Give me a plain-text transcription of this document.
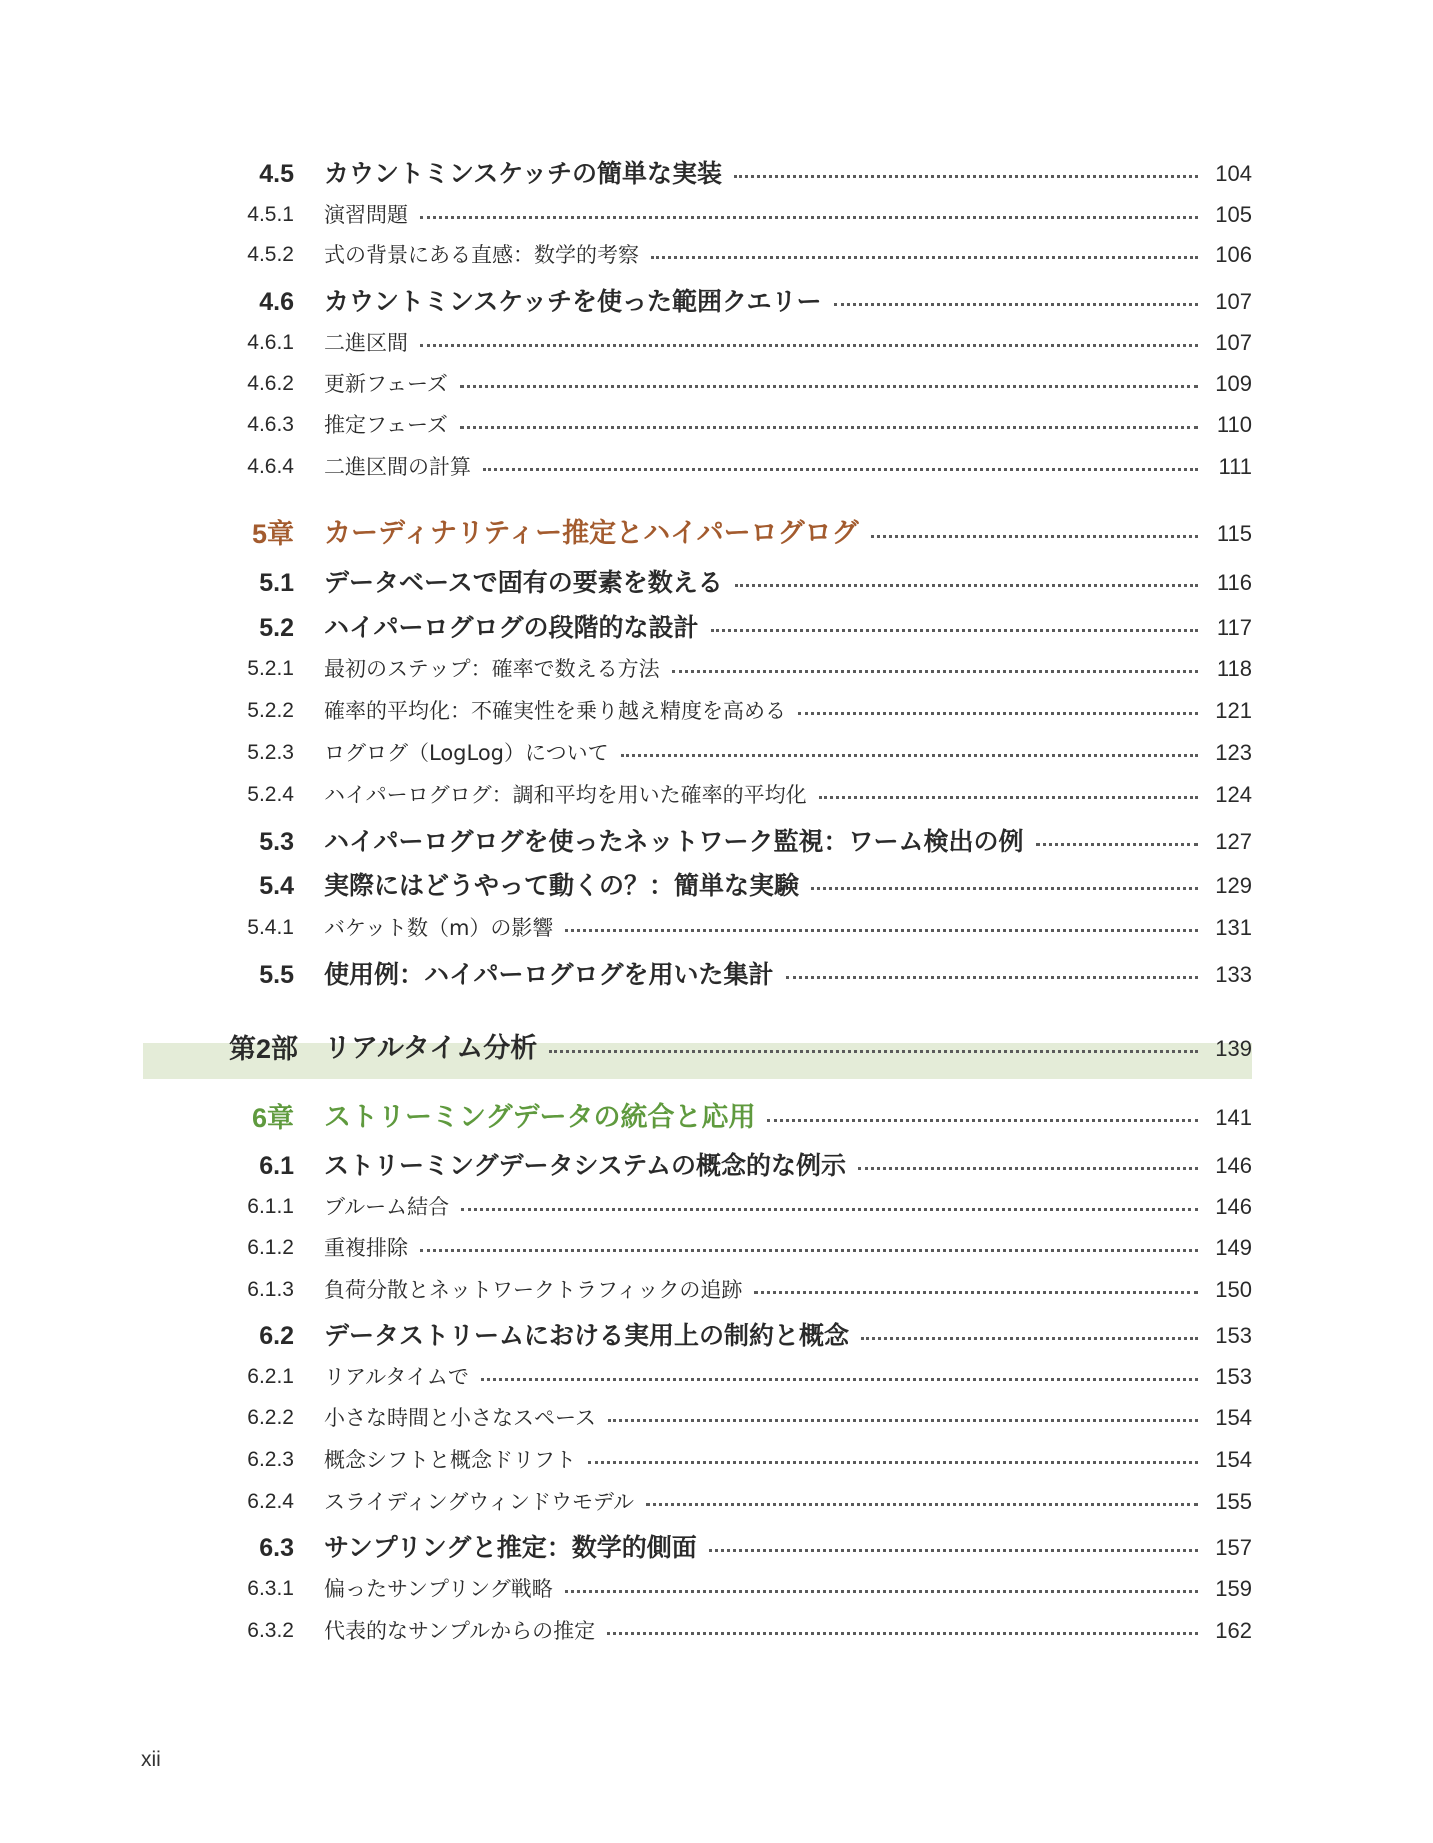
4.5 カウントミンスケッチの簡単な実装	104
4.5.1 演習問題	105
4.5.2 式の背景にある直感：数学的考察	106
4.6 カウントミンスケッチを使った範囲クエリー	107
4.6.1 二進区間	107
4.6.2 更新フェーズ	109
4.6.3 推定フェーズ	110
4.6.4 二進区間の計算	111
5章 カーディナリティー推定とハイパーログログ	115
5.1 データベースで固有の要素を数える	116
5.2 ハイパーログログの段階的な設計	117
5.2.1 最初のステップ：確率で数える方法	118
5.2.2 確率的平均化：不確実性を乗り越え精度を高める	121
5.2.3 ログログ（LogLog）について	123
5.2.4 ハイパーログログ：調和平均を用いた確率的平均化	124
5.3 ハイパーログログを使ったネットワーク監視：ワーム検出の例	127
5.4 実際にはどうやって動くの？：簡単な実験	129
5.4.1 バケット数（m）の影響	131
5.5 使用例：ハイパーログログを用いた集計	133
第2部 リアルタイム分析	139
6章 ストリーミングデータの統合と応用	141
6.1 ストリーミングデータシステムの概念的な例示	146
6.1.1 ブルーム結合	146
6.1.2 重複排除	149
6.1.3 負荷分散とネットワークトラフィックの追跡	150
6.2 データストリームにおける実用上の制約と概念	153
6.2.1 リアルタイムで	153
6.2.2 小さな時間と小さなスペース	154
6.2.3 概念シフトと概念ドリフト	154
6.2.4 スライディングウィンドウモデル	155
6.3 サンプリングと推定：数学的側面	157
6.3.1 偏ったサンプリング戦略	159
6.3.2 代表的なサンプルからの推定	162
xii
